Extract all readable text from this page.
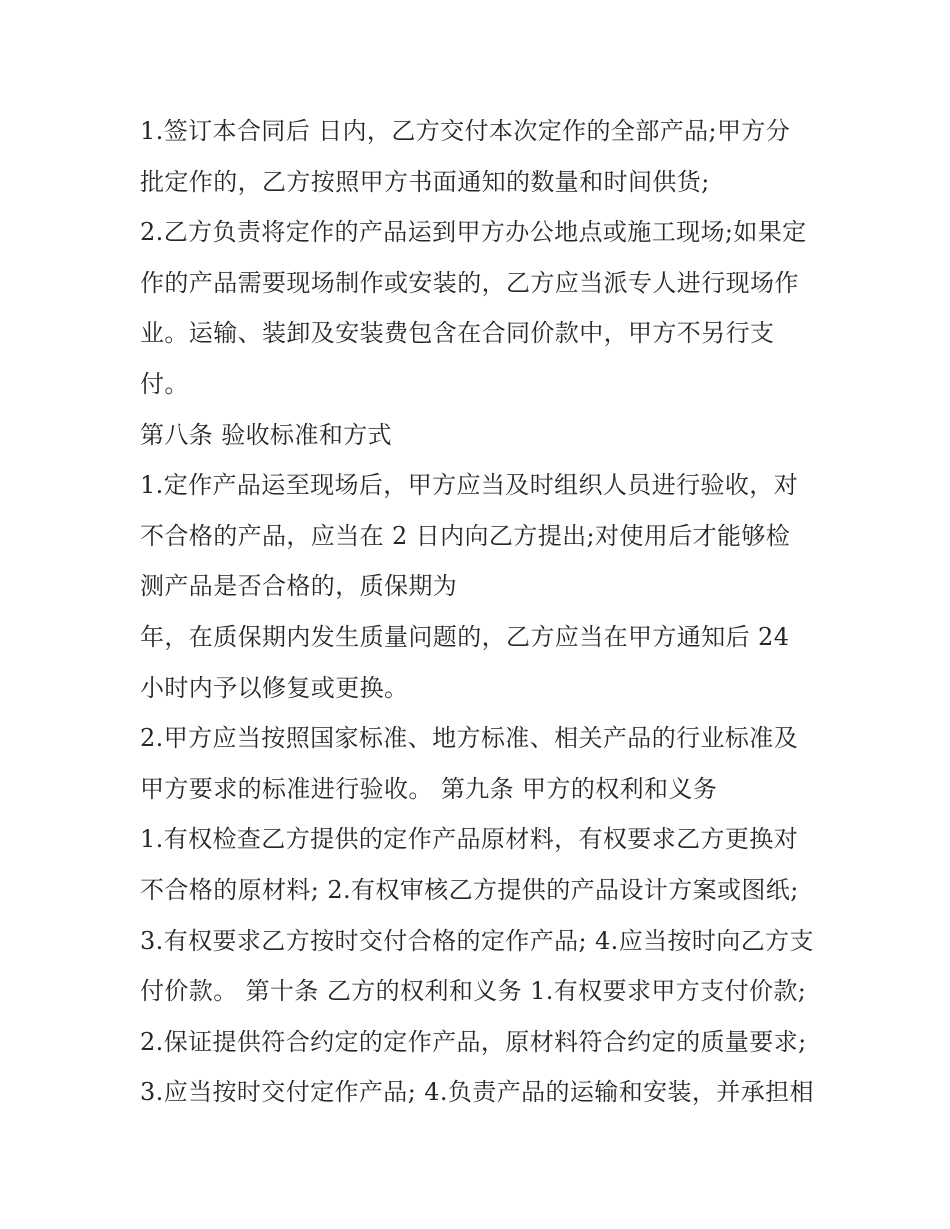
1.签订本合同后 日内，乙方交付本次定作的全部产品;甲方分
批定作的，乙方按照甲方书面通知的数量和时间供货;
2.乙方负责将定作的产品运到甲方办公地点或施工现场;如果定
作的产品需要现场制作或安装的，乙方应当派专人进行现场作
业。运输、装卸及安装费包含在合同价款中，甲方不另行支
付。
第八条 验收标准和方式
1.定作产品运至现场后，甲方应当及时组织人员进行验收，对
不合格的产品，应当在 2 日内向乙方提出;对使用后才能够检
测产品是否合格的，质保期为
年，在质保期内发生质量问题的，乙方应当在甲方通知后 24
小时内予以修复或更换。
2.甲方应当按照国家标准、地方标准、相关产品的行业标准及
甲方要求的标准进行验收。 第九条 甲方的权利和义务
1.有权检查乙方提供的定作产品原材料，有权要求乙方更换对
不合格的原材料; 2.有权审核乙方提供的产品设计方案或图纸;
3.有权要求乙方按时交付合格的定作产品; 4.应当按时向乙方支
付价款。 第十条 乙方的权利和义务 1.有权要求甲方支付价款;
2.保证提供符合约定的定作产品，原材料符合约定的质量要求;
3.应当按时交付定作产品; 4.负责产品的运输和安装，并承担相
